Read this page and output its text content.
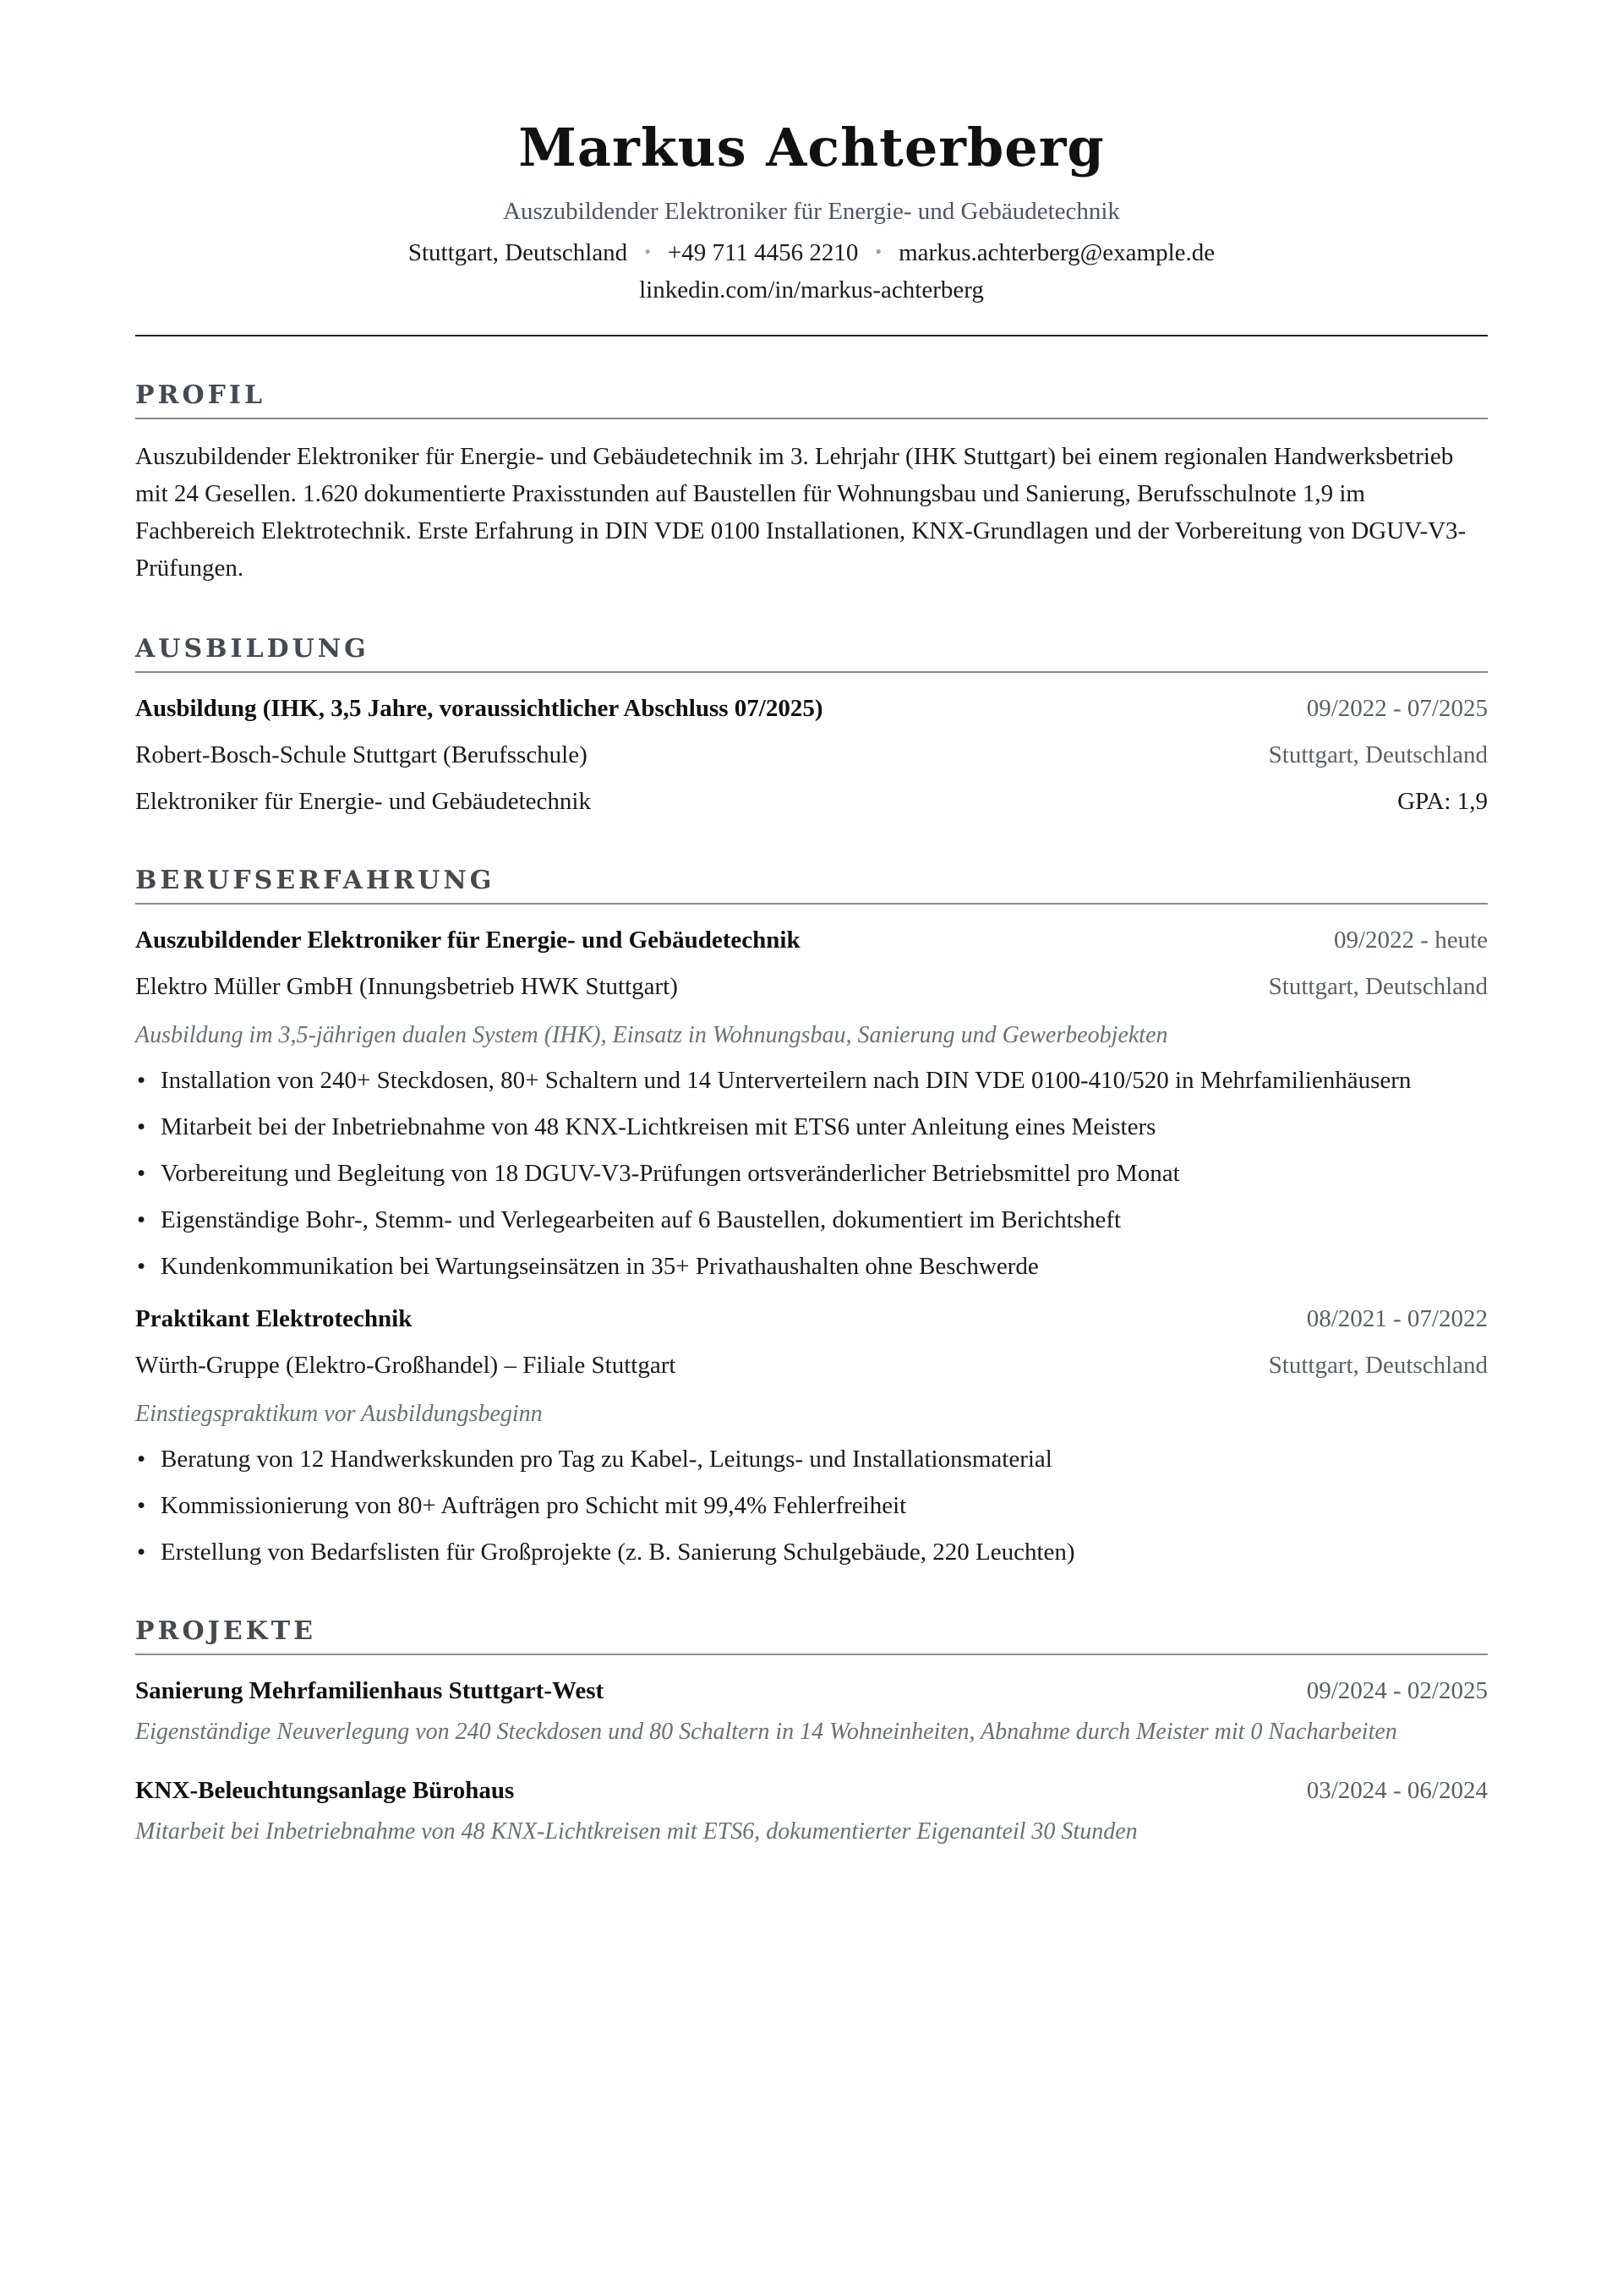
Markus Achterberg
Auszubildender Elektroniker für Energie- und Gebäudetechnik
Stuttgart, Deutschland • +49 711 4456 2210 • markus.achterberg@example.de
linkedin.com/in/markus-achterberg
PROFIL
Auszubildender Elektroniker für Energie- und Gebäudetechnik im 3. Lehrjahr (IHK Stuttgart) bei einem regionalen Handwerksbetrieb mit 24 Gesellen. 1.620 dokumentierte Praxisstunden auf Baustellen für Wohnungsbau und Sanierung, Berufsschulnote 1,9 im Fachbereich Elektrotechnik. Erste Erfahrung in DIN VDE 0100 Installationen, KNX-Grundlagen und der Vorbereitung von DGUV-V3-Prüfungen.
AUSBILDUNG
Ausbildung (IHK, 3,5 Jahre, voraussichtlicher Abschluss 07/2025)	09/2022 - 07/2025
Robert-Bosch-Schule Stuttgart (Berufsschule)	Stuttgart, Deutschland
Elektroniker für Energie- und Gebäudetechnik	GPA: 1,9
BERUFSERFAHRUNG
Auszubildender Elektroniker für Energie- und Gebäudetechnik	09/2022 - heute
Elektro Müller GmbH (Innungsbetrieb HWK Stuttgart)	Stuttgart, Deutschland
Ausbildung im 3,5-jährigen dualen System (IHK), Einsatz in Wohnungsbau, Sanierung und Gewerbeobjekten
• Installation von 240+ Steckdosen, 80+ Schaltern und 14 Unterverteilern nach DIN VDE 0100-410/520 in Mehrfamilienhäusern
• Mitarbeit bei der Inbetriebnahme von 48 KNX-Lichtkreisen mit ETS6 unter Anleitung eines Meisters
• Vorbereitung und Begleitung von 18 DGUV-V3-Prüfungen ortsveränderlicher Betriebsmittel pro Monat
• Eigenständige Bohr-, Stemm- und Verlegearbeiten auf 6 Baustellen, dokumentiert im Berichtsheft
• Kundenkommunikation bei Wartungseinsätzen in 35+ Privathaushalten ohne Beschwerde
Praktikant Elektrotechnik	08/2021 - 07/2022
Würth-Gruppe (Elektro-Großhandel) – Filiale Stuttgart	Stuttgart, Deutschland
Einstiegspraktikum vor Ausbildungsbeginn
• Beratung von 12 Handwerkskunden pro Tag zu Kabel-, Leitungs- und Installationsmaterial
• Kommissionierung von 80+ Aufträgen pro Schicht mit 99,4% Fehlerfreiheit
• Erstellung von Bedarfslisten für Großprojekte (z. B. Sanierung Schulgebäude, 220 Leuchten)
PROJEKTE
Sanierung Mehrfamilienhaus Stuttgart-West	09/2024 - 02/2025
Eigenständige Neuverlegung von 240 Steckdosen und 80 Schaltern in 14 Wohneinheiten, Abnahme durch Meister mit 0 Nacharbeiten
KNX-Beleuchtungsanlage Bürohaus	03/2024 - 06/2024
Mitarbeit bei Inbetriebnahme von 48 KNX-Lichtkreisen mit ETS6, dokumentierter Eigenanteil 30 Stunden
